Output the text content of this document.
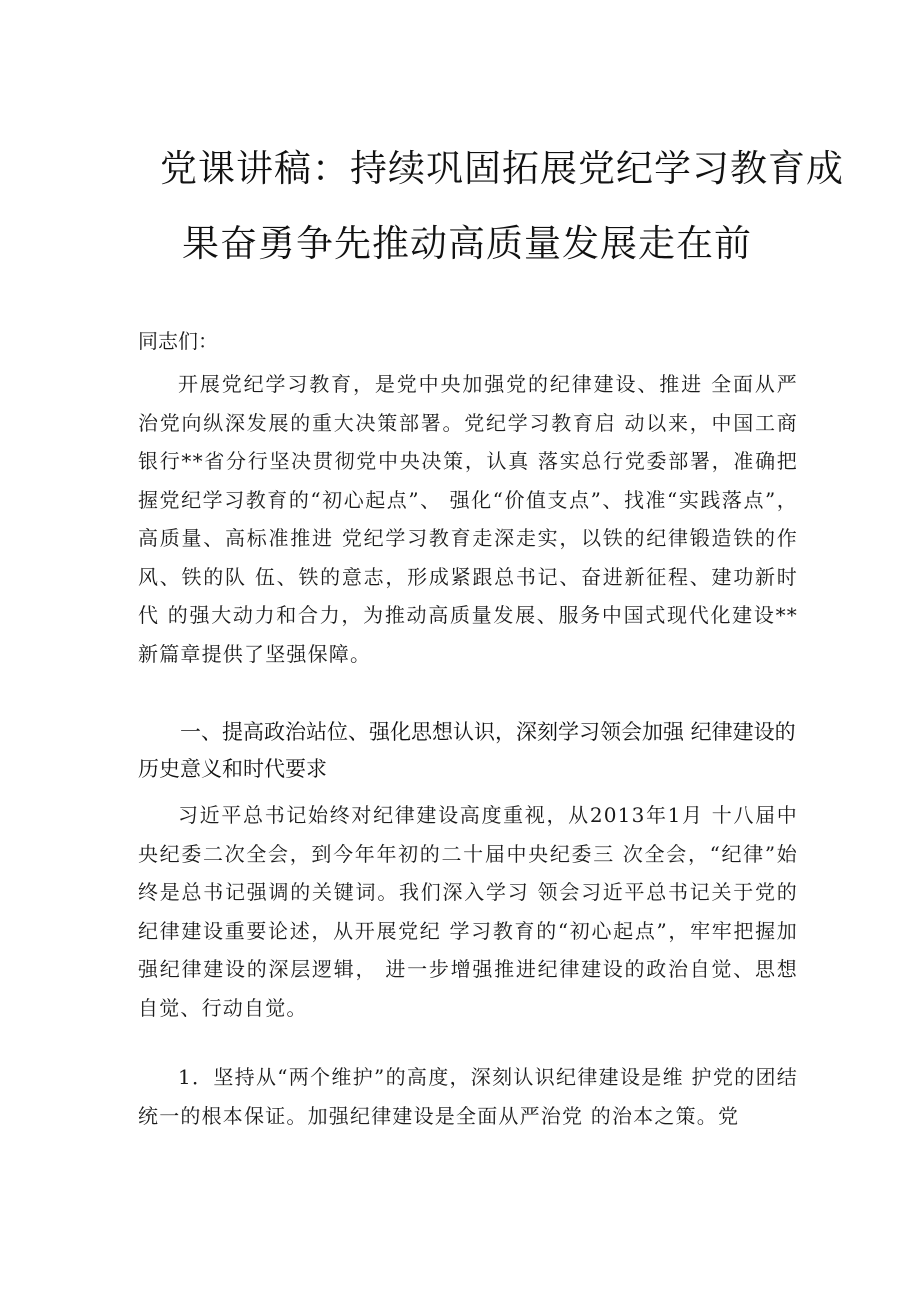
党课讲稿：持续巩固拓展党纪学习教育成
果奋勇争先推动高质量发展走在前
同志们：

开展党纪学习教育，是党中央加强党的纪律建设、推进 全面从严治党向纵深发展的重大决策部署。党纪学习教育启 动以来，中国工商银行**省分行坚决贯彻党中央决策，认真 落实总行党委部署，准确把握党纪学习教育的“初心起点”、 强化“价值支点”、找准“实践落点”，高质量、高标准推进 党纪学习教育走深走实，以铁的纪律锻造铁的作风、铁的队 伍、铁的意志，形成紧跟总书记、奋进新征程、建功新时代 的强大动力和合力，为推动高质量发展、服务中国式现代化建设**新篇章提供了坚强保障。

一、提高政治站位、强化思想认识，深刻学习领会加强 纪律建设的历史意义和时代要求

习近平总书记始终对纪律建设高度重视，从2013年1月 十八届中央纪委二次全会，到今年年初的二十届中央纪委三 次全会，“纪律”始终是总书记强调的关键词。我们深入学习 领会习近平总书记关于党的纪律建设重要论述，从开展党纪 学习教育的“初心起点”，牢牢把握加强纪律建设的深层逻辑， 进一步增强推进纪律建设的政治自觉、思想自觉、行动自觉。

1．坚持从“两个维护”的高度，深刻认识纪律建设是维 护党的团结统一的根本保证。加强纪律建设是全面从严治党 的治本之策。党
